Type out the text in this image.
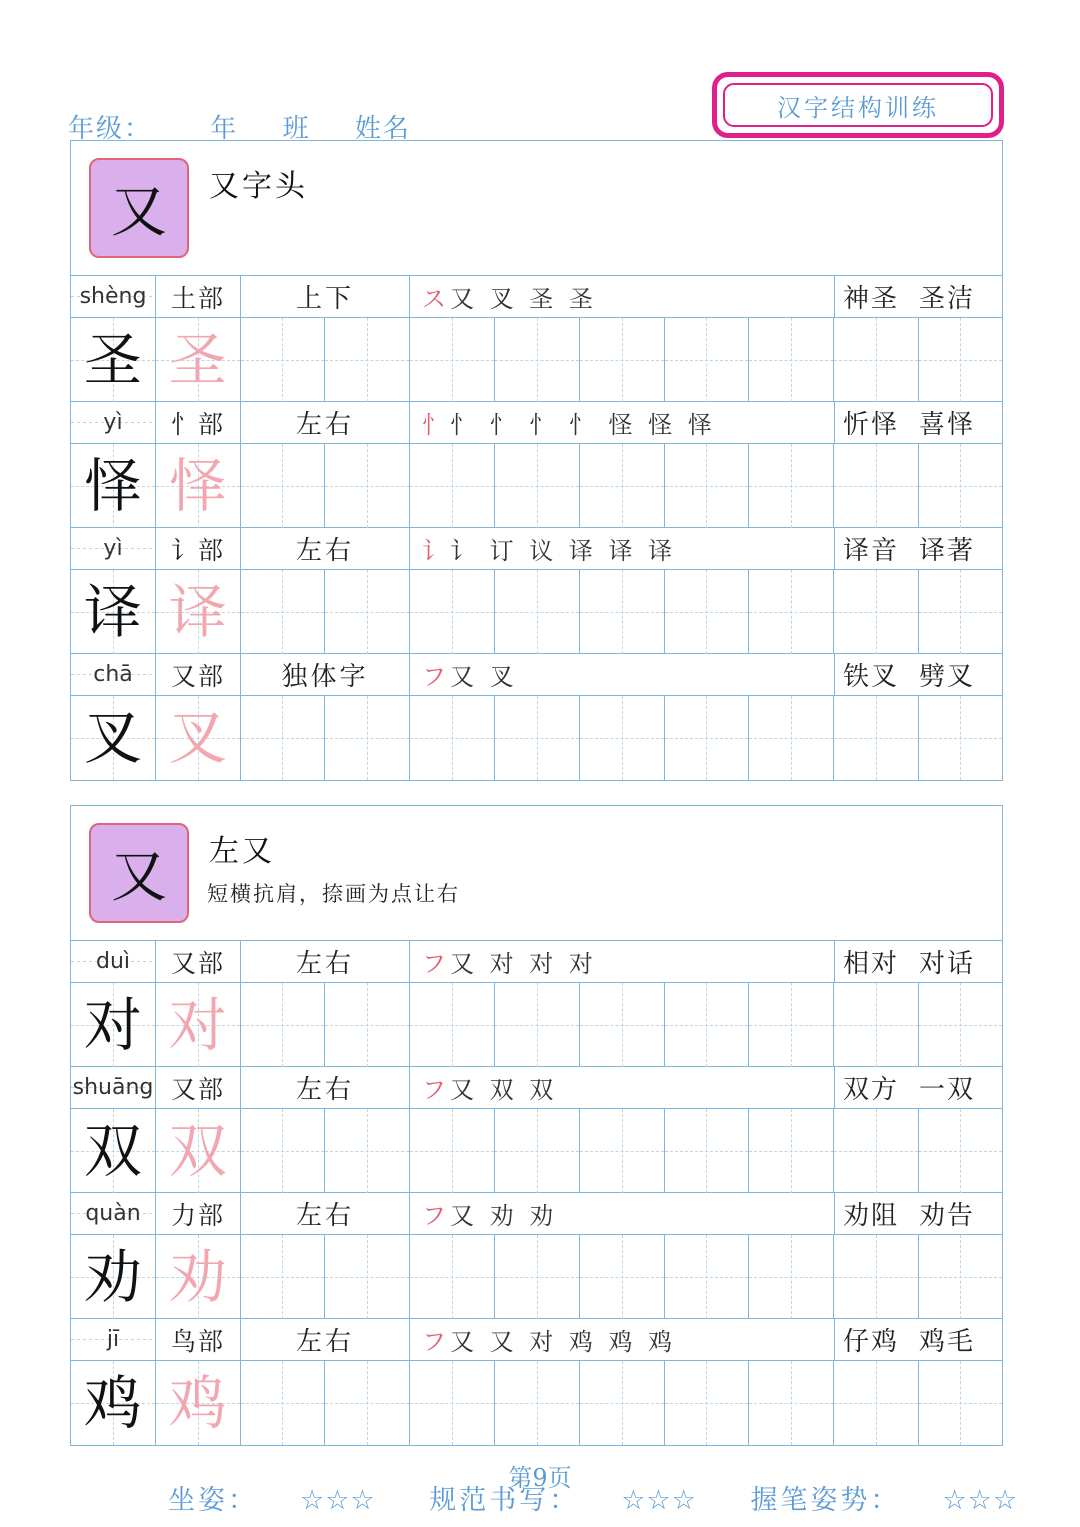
年级： 年 班 姓名
汉字结构训练
又	又字头
shèng 土部	上下	ス 又 叉 圣 圣	神圣 圣洁
圣 圣
yì	忄部	左右	忄 忄 忄 忄 忄 怪 怪 怿	忻怿 喜怿
怿 怿
yì	讠部	左右	讠 讠 订 议 译 译 译	译音 译著
译 译
chā	又部	独体字	フ 又 叉	铁叉 劈叉
叉 叉
又	左又
短横抗肩，捺画为点让右
duì	又部	左右	フ 又 对 对 对	相对 对话
对 对
shuāng 又部	左右	フ 又 双 双	双方 一双
双 双
quàn	力部	左右	フ 又 劝 劝	劝阻 劝告
劝 劝
jī	鸟部	左右	フ 又 又 对 鸡 鸡 鸡	仔鸡 鸡毛
鸡 鸡
第9页
坐姿： ☆☆☆ 规范书写： ☆☆☆ 握笔姿势： ☆☆☆
